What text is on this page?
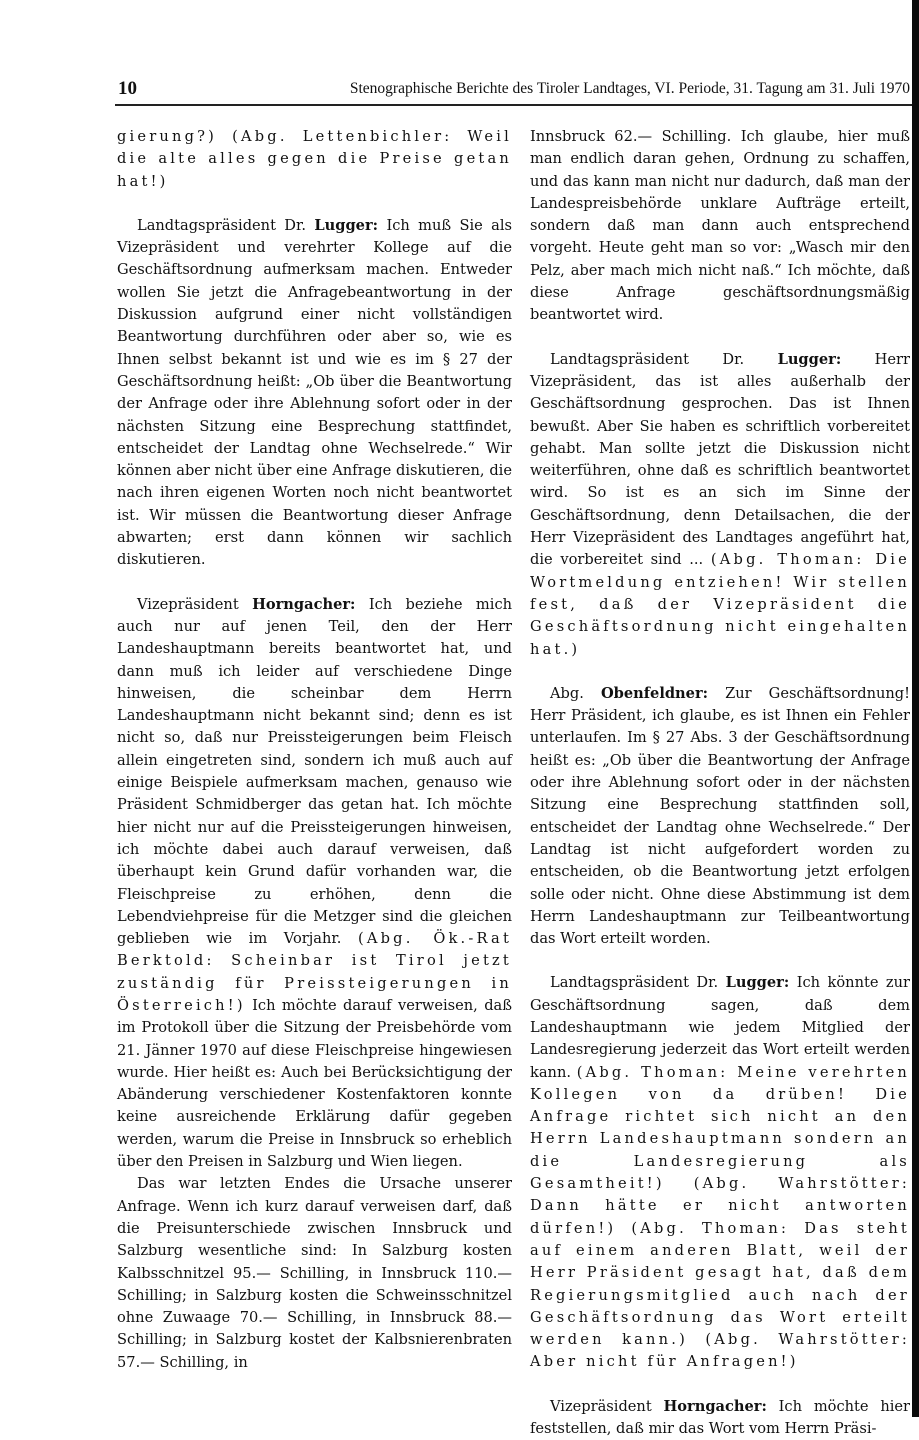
10	Stenographische Berichte des Tiroler Landtages, VI. Periode, 31. Tagung am 31. Juli 1970

gierung?) (Abg. Lettenbichler: Weil die alte alles gegen die Preise getan hat!)

Landtagspräsident Dr. Lugger: Ich muß Sie als Vizepräsident und verehrter Kollege auf die Geschäftsordnung aufmerksam machen. Entweder wollen Sie jetzt die Anfragebeantwortung in der Diskussion aufgrund einer nicht vollständigen Beantwortung durchführen oder aber so, wie es Ihnen selbst bekannt ist und wie es im § 27 der Geschäftsordnung heißt: „Ob über die Beantwortung der Anfrage oder ihre Ablehnung sofort oder in der nächsten Sitzung eine Besprechung stattfindet, entscheidet der Landtag ohne Wechselrede.“ Wir können aber nicht über eine Anfrage diskutieren, die nach ihren eigenen Worten noch nicht beantwortet ist. Wir müssen die Beantwortung dieser Anfrage abwarten; erst dann können wir sachlich diskutieren.

Vizepräsident Horngacher: Ich beziehe mich auch nur auf jenen Teil, den der Herr Landeshauptmann bereits beantwortet hat, und dann muß ich leider auf verschiedene Dinge hinweisen, die scheinbar dem Herrn Landeshauptmann nicht bekannt sind; denn es ist nicht so, daß nur Preissteigerungen beim Fleisch allein eingetreten sind, sondern ich muß auch auf einige Beispiele aufmerksam machen, genauso wie Präsident Schmidberger das getan hat. Ich möchte hier nicht nur auf die Preissteigerungen hinweisen, ich möchte dabei auch darauf verweisen, daß überhaupt kein Grund dafür vorhanden war, die Fleischpreise zu erhöhen, denn die Lebendviehpreise für die Metzger sind die gleichen geblieben wie im Vorjahr. (Abg. Ök.-Rat Berktold: Scheinbar ist Tirol jetzt zuständig für Preissteigerungen in Österreich!) Ich möchte darauf verweisen, daß im Protokoll über die Sitzung der Preisbehörde vom 21. Jänner 1970 auf diese Fleischpreise hingewiesen wurde. Hier heißt es: Auch bei Berücksichtigung der Abänderung verschiedener Kostenfaktoren konnte keine ausreichende Erklärung dafür gegeben werden, warum die Preise in Innsbruck so erheblich über den Preisen in Salzburg und Wien liegen.

Das war letzten Endes die Ursache unserer Anfrage. Wenn ich kurz darauf verweisen darf, daß die Preisunterschiede zwischen Innsbruck und Salzburg wesentliche sind: In Salzburg kosten Kalbsschnitzel 95.— Schilling, in Innsbruck 110.— Schilling; in Salzburg kosten die Schweinsschnitzel ohne Zuwaage 70.— Schilling, in Innsbruck 88.— Schilling; in Salzburg kostet der Kalbsnierenbraten 57.— Schilling, in

Innsbruck 62.— Schilling. Ich glaube, hier muß man endlich daran gehen, Ordnung zu schaffen, und das kann man nicht nur dadurch, daß man der Landespreisbehörde unklare Aufträge erteilt, sondern daß man dann auch entsprechend vorgeht. Heute geht man so vor: „Wasch mir den Pelz, aber mach mich nicht naß.“ Ich möchte, daß diese Anfrage geschäftsordnungsmäßig beantwortet wird.

Landtagspräsident Dr. Lugger: Herr Vizepräsident, das ist alles außerhalb der Geschäftsordnung gesprochen. Das ist Ihnen bewußt. Aber Sie haben es schriftlich vorbereitet gehabt. Man sollte jetzt die Diskussion nicht weiterführen, ohne daß es schriftlich beantwortet wird. So ist es an sich im Sinne der Geschäftsordnung, denn Detailsachen, die der Herr Vizepräsident des Landtages angeführt hat, die vorbereitet sind ... (Abg. Thoman: Die Wortmeldung entziehen! Wir stellen fest, daß der Vizepräsident die Geschäftsordnung nicht eingehalten hat.)

Abg. Obenfeldner: Zur Geschäftsordnung! Herr Präsident, ich glaube, es ist Ihnen ein Fehler unterlaufen. Im § 27 Abs. 3 der Geschäftsordnung heißt es: „Ob über die Beantwortung der Anfrage oder ihre Ablehnung sofort oder in der nächsten Sitzung eine Besprechung stattfinden soll, entscheidet der Landtag ohne Wechselrede.“ Der Landtag ist nicht aufgefordert worden zu entscheiden, ob die Beantwortung jetzt erfolgen solle oder nicht. Ohne diese Abstimmung ist dem Herrn Landeshauptmann zur Teilbeantwortung das Wort erteilt worden.

Landtagspräsident Dr. Lugger: Ich könnte zur Geschäftsordnung sagen, daß dem Landeshauptmann wie jedem Mitglied der Landesregierung jederzeit das Wort erteilt werden kann. (Abg. Thoman: Meine verehrten Kollegen von da drüben! Die Anfrage richtet sich nicht an den Herrn Landeshauptmann sondern an die Landesregierung als Gesamtheit!) (Abg. Wahrstötter: Dann hätte er nicht antworten dürfen!) (Abg. Thoman: Das steht auf einem anderen Blatt, weil der Herr Präsident gesagt hat, daß dem Regierungsmitglied auch nach der Geschäftsordnung das Wort erteilt werden kann.) (Abg. Wahrstötter: Aber nicht für Anfragen!)

Vizepräsident Horngacher: Ich möchte hier feststellen, daß mir das Wort vom Herrn Präsi-
